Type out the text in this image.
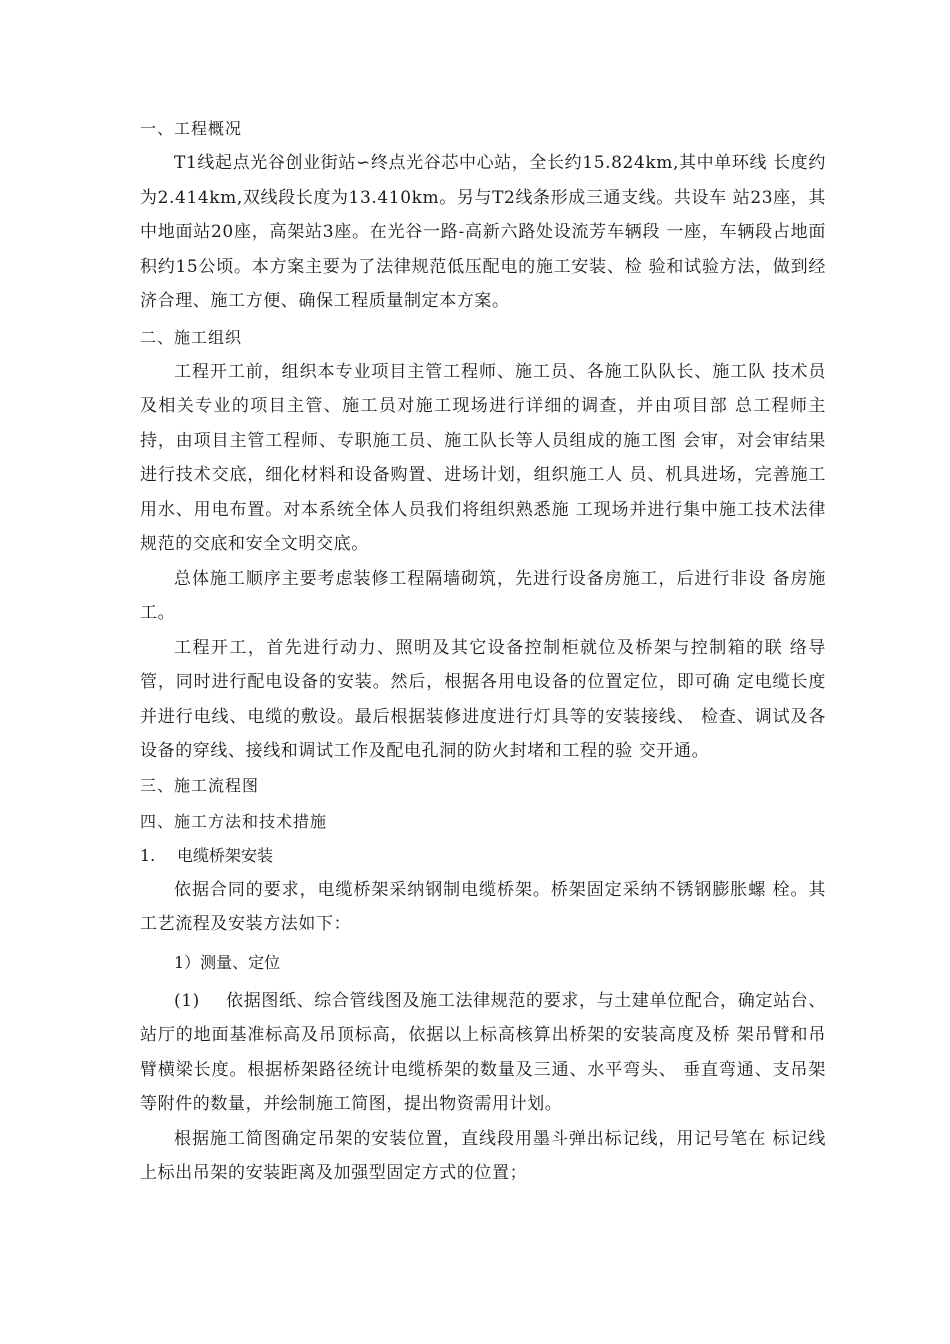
一、工程概况

T1线起点光谷创业街站∽终点光谷芯中心站，全长约15.824km,其中单环线 长度约为2.414km,双线段长度为13.410km。另与T2线条形成三通支线。共设车 站23座，其中地面站20座，高架站3座。在光谷一路-高新六路处设流芳车辆段 一座，车辆段占地面积约15公顷。本方案主要为了法律规范低压配电的施工安装、检 验和试验方法，做到经济合理、施工方便、确保工程质量制定本方案。

二、施工组织

工程开工前，组织本专业项目主管工程师、施工员、各施工队队长、施工队 技术员及相关专业的项目主管、施工员对施工现场进行详细的调查，并由项目部 总工程师主持，由项目主管工程师、专职施工员、施工队长等人员组成的施工图 会审，对会审结果进行技术交底，细化材料和设备购置、进场计划，组织施工人 员、机具进场，完善施工用水、用电布置。对本系统全体人员我们将组织熟悉施 工现场并进行集中施工技术法律规范的交底和安全文明交底。

总体施工顺序主要考虑装修工程隔墙砌筑，先进行设备房施工，后进行非设 备房施工。

工程开工，首先进行动力、照明及其它设备控制柜就位及桥架与控制箱的联 络导管，同时进行配电设备的安装。然后，根据各用电设备的位置定位，即可确 定电缆长度并进行电线、电缆的敷设。最后根据装修进度进行灯具等的安装接线、 检查、调试及各设备的穿线、接线和调试工作及配电孔洞的防火封堵和工程的验 交开通。

三、施工流程图

四、施工方法和技术措施

1. 电缆桥架安装

依据合同的要求，电缆桥架采纳钢制电缆桥架。桥架固定采纳不锈钢膨胀螺 栓。其工艺流程及安装方法如下：

1）测量、定位

(1) 依据图纸、综合管线图及施工法律规范的要求，与土建单位配合，确定站台、站厅的地面基准标高及吊顶标高，依据以上标高核算出桥架的安装高度及桥 架吊臂和吊臂横梁长度。根据桥架路径统计电缆桥架的数量及三通、水平弯头、 垂直弯通、支吊架等附件的数量，并绘制施工简图，提出物资需用计划。

根据施工简图确定吊架的安装位置，直线段用墨斗弹出标记线，用记号笔在 标记线上标出吊架的安装距离及加强型固定方式的位置；
